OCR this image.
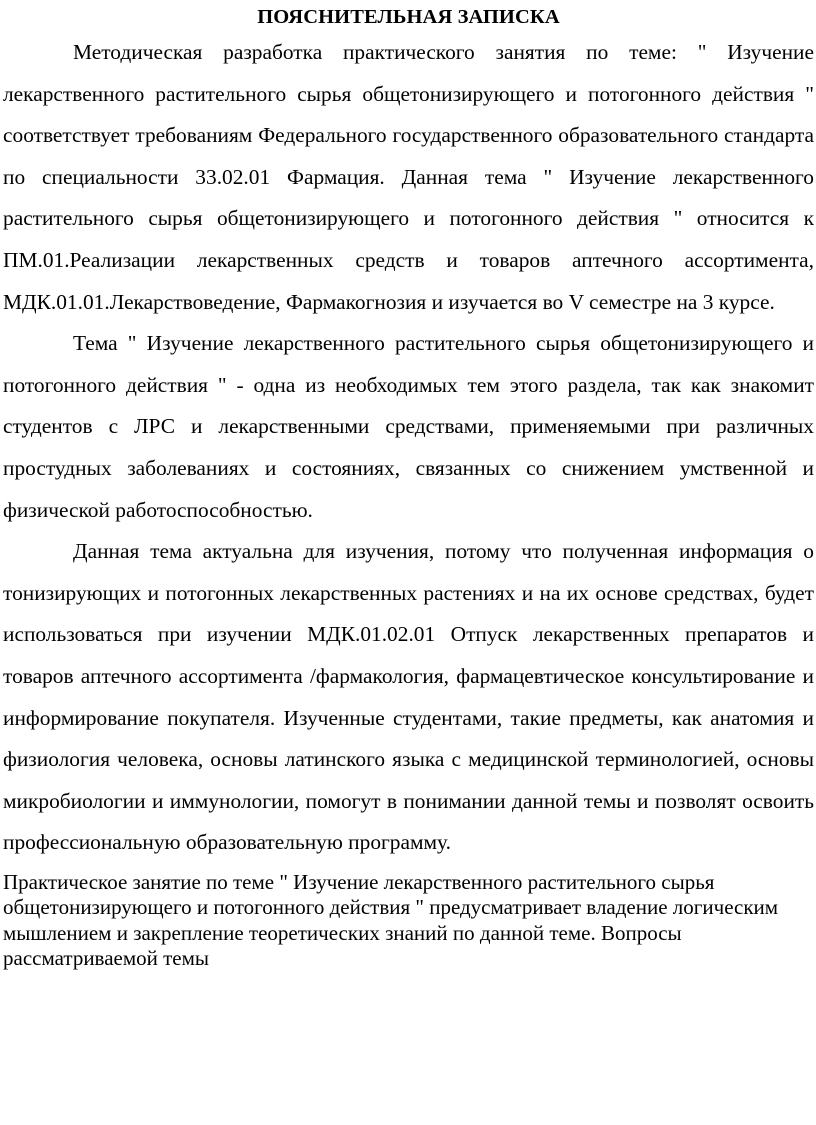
ПОЯСНИТЕЛЬНАЯ ЗАПИСКА

Методическая разработка практического занятия по теме: " Изучение лекарственного растительного сырья общетонизирующего и потогонного действия " соответствует требованиям Федерального государственного образовательного стандарта по специальности 33.02.01 Фармация. Данная тема " Изучение лекарственного растительного сырья общетонизирующего и потогонного действия " относится к ПМ.01.Реализации лекарственных средств и товаров аптечного ассортимента, МДК.01.01.Лекарствоведение, Фармакогнозия и изучается во V семестре на 3 курсе.

Тема " Изучение лекарственного растительного сырья общетонизирующего и потогонного действия " - одна из необходимых тем этого раздела, так как знакомит студентов с ЛРС и лекарственными средствами, применяемыми при различных простудных заболеваниях и состояниях, связанных со снижением умственной и физической работоспособностью.

Данная тема актуальна для изучения, потому что полученная информация о тонизирующих и потогонных лекарственных растениях и на их основе средствах, будет использоваться при изучении МДК.01.02.01 Отпуск лекарственных препаратов и товаров аптечного ассортимента /фармакология, фармацевтическое консультирование и информирование покупателя. Изученные студентами, такие предметы, как анатомия и физиология человека, основы латинского языка с медицинской терминологией, основы микробиологии и иммунологии, помогут в понимании данной темы и позволят освоить профессиональную образовательную программу.

Практическое занятие по теме " Изучение лекарственного растительного сырья общетонизирующего и потогонного действия " предусматривает владение логическим мышлением и закрепление теоретических знаний по данной теме. Вопросы рассматриваемой темы
